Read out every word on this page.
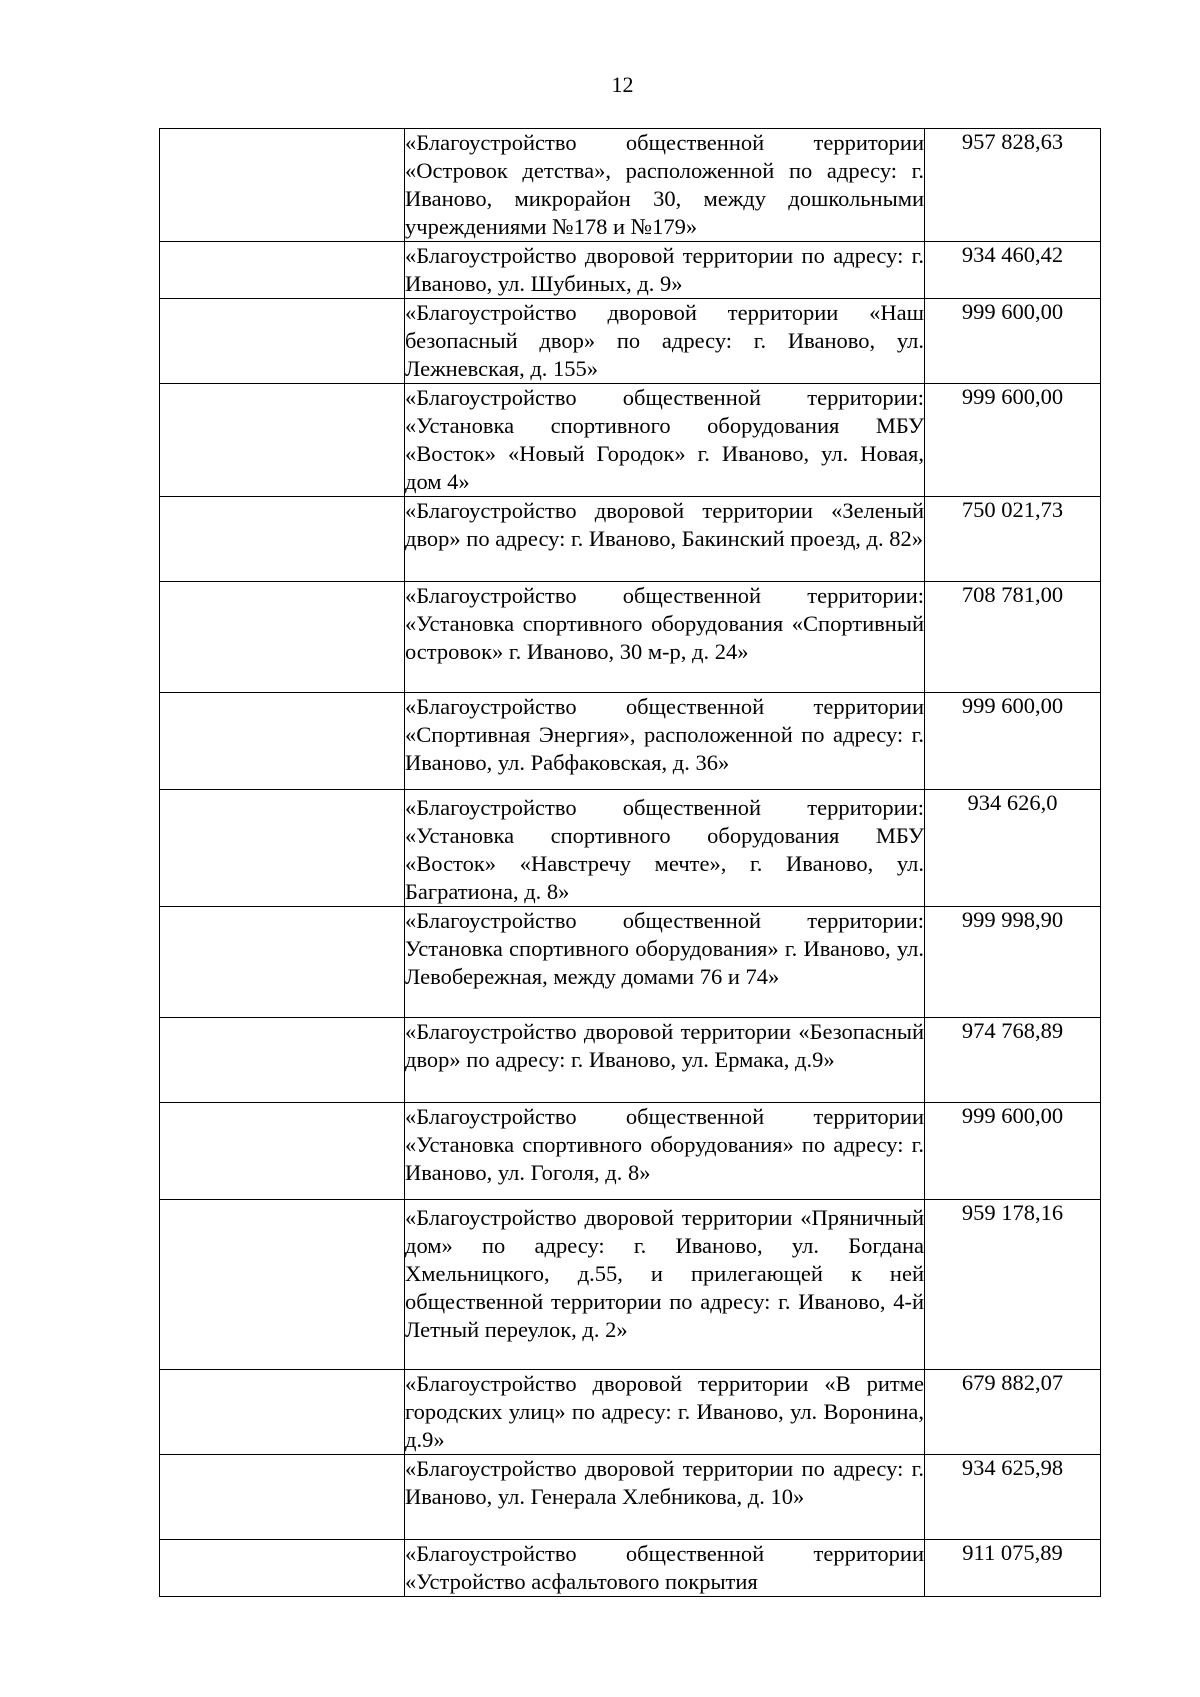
12
	«Благоустройство общественной территории «Островок детства», расположенной по адресу: г. Иваново, микрорайон 30, между дошкольными учреждениями №178 и №179»	957 828,63
	«Благоустройство дворовой территории по адресу: г. Иваново, ул. Шубиных, д. 9»	934 460,42
	«Благоустройство дворовой территории «Наш безопасный двор» по адресу: г. Иваново, ул. Лежневская, д. 155»	999 600,00
	«Благоустройство общественной территории: «Установка спортивного оборудования МБУ «Восток» «Новый Городок» г. Иваново, ул. Новая, дом 4»	999 600,00
	«Благоустройство дворовой территории «Зеленый двор» по адресу: г. Иваново, Бакинский проезд, д. 82»	750 021,73
	«Благоустройство общественной территории: «Установка спортивного оборудования «Спортивный островок» г. Иваново, 30 м-р, д. 24»	708 781,00
	«Благоустройство общественной территории «Спортивная Энергия», расположенной по адресу: г. Иваново, ул. Рабфаковская, д. 36»	999 600,00
	«Благоустройство общественной территории: «Установка спортивного оборудования МБУ «Восток» «Навстречу мечте», г. Иваново, ул. Багратиона, д. 8»	934 626,0
	«Благоустройство общественной территории: Установка спортивного оборудования» г. Иваново, ул. Левобережная, между домами 76 и 74»	999 998,90
	«Благоустройство дворовой территории «Безопасный двор» по адресу: г. Иваново, ул. Ермака, д.9»	974 768,89
	«Благоустройство общественной территории «Установка спортивного оборудования» по адресу: г. Иваново, ул. Гоголя, д. 8»	999 600,00
	«Благоустройство дворовой территории «Пряничный дом» по адресу: г. Иваново, ул. Богдана Хмельницкого, д.55, и прилегающей к ней общественной территории по адресу: г. Иваново, 4-й Летный переулок, д. 2»	959 178,16
	«Благоустройство дворовой территории «В ритме городских улиц» по адресу: г. Иваново, ул. Воронина, д.9»	679 882,07
	«Благоустройство дворовой территории по адресу: г. Иваново, ул. Генерала Хлебникова, д. 10»	934 625,98
	«Благоустройство общественной территории «Устройство асфальтового покрытия	911 075,89
